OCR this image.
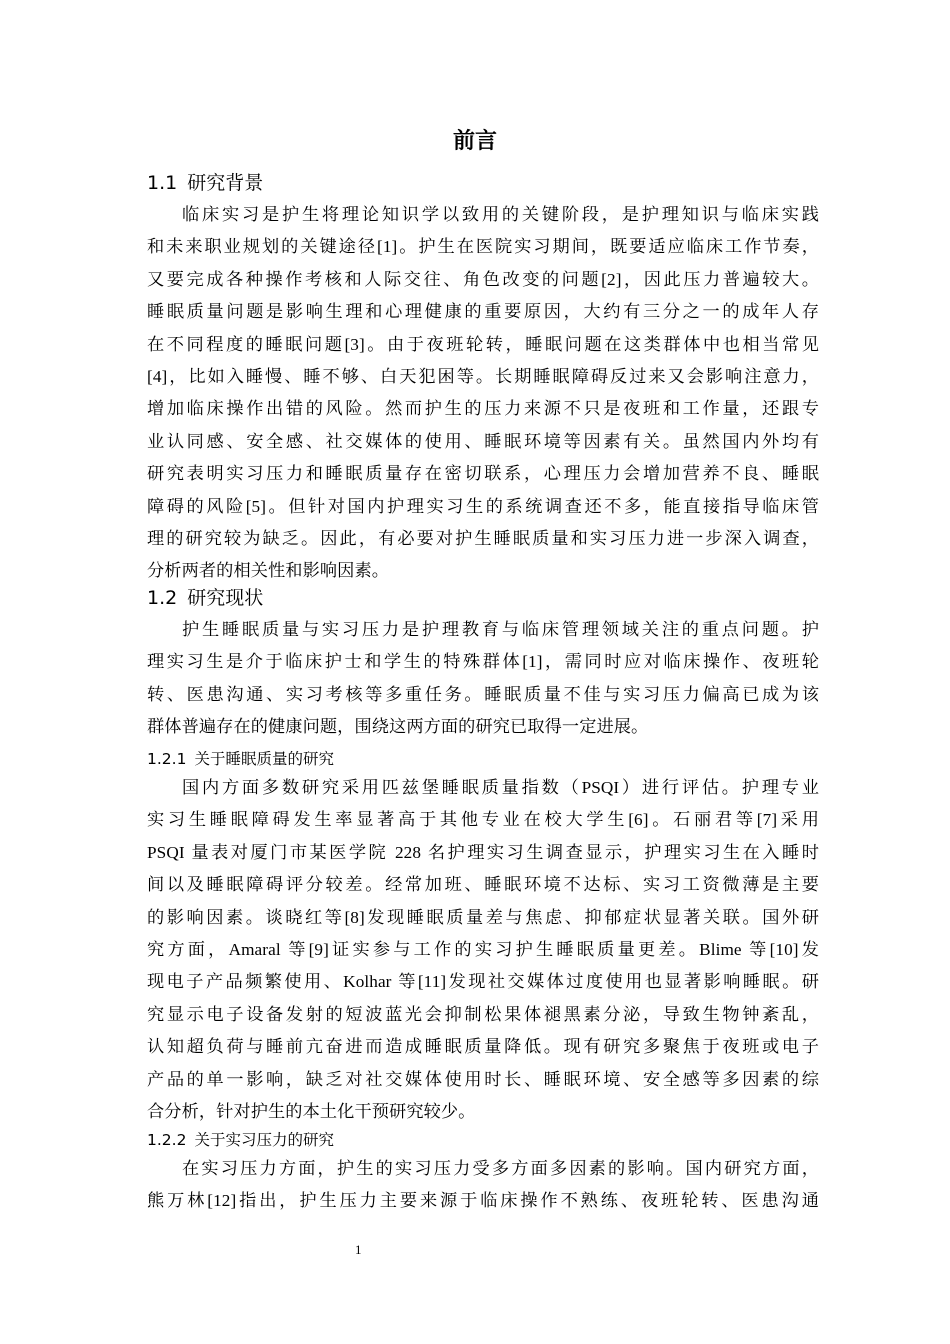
前言
1.1 研究背景
临床实习是护生将理论知识学以致用的关键阶段，是护理知识与临床实践
和未来职业规划的关键途径[1]。护生在医院实习期间，既要适应临床工作节奏，
又要完成各种操作考核和人际交往、角色改变的问题[2]，因此压力普遍较大。
睡眠质量问题是影响生理和心理健康的重要原因，大约有三分之一的成年人存
在不同程度的睡眠问题[3]。由于夜班轮转，睡眠问题在这类群体中也相当常见
[4]，比如入睡慢、睡不够、白天犯困等。长期睡眠障碍反过来又会影响注意力，
增加临床操作出错的风险。然而护生的压力来源不只是夜班和工作量，还跟专
业认同感、安全感、社交媒体的使用、睡眠环境等因素有关。虽然国内外均有
研究表明实习压力和睡眠质量存在密切联系，心理压力会增加营养不良、睡眠
障碍的风险[5]。但针对国内护理实习生的系统调查还不多，能直接指导临床管
理的研究较为缺乏。因此，有必要对护生睡眠质量和实习压力进一步深入调查，
分析两者的相关性和影响因素。
1.2 研究现状
护生睡眠质量与实习压力是护理教育与临床管理领域关注的重点问题。护
理实习生是介于临床护士和学生的特殊群体[1]，需同时应对临床操作、夜班轮
转、医患沟通、实习考核等多重任务。睡眠质量不佳与实习压力偏高已成为该
群体普遍存在的健康问题，围绕这两方面的研究已取得一定进展。
1.2.1 关于睡眠质量的研究
国内方面多数研究采用匹兹堡睡眠质量指数（PSQI）进行评估。护理专业
实习生睡眠障碍发生率显著高于其他专业在校大学生[6]。石丽君等[7]采用
PSQI 量表对厦门市某医学院 228 名护理实习生调查显示，护理实习生在入睡时
间以及睡眠障碍评分较差。经常加班、睡眠环境不达标、实习工资微薄是主要
的影响因素。谈晓红等[8]发现睡眠质量差与焦虑、抑郁症状显著关联。国外研
究方面，Amaral 等[9]证实参与工作的实习护生睡眠质量更差。Blime 等[10]发
现电子产品频繁使用、Kolhar 等[11]发现社交媒体过度使用也显著影响睡眠。研
究显示电子设备发射的短波蓝光会抑制松果体褪黑素分泌，导致生物钟紊乱，
认知超负荷与睡前亢奋进而造成睡眠质量降低。现有研究多聚焦于夜班或电子
产品的单一影响，缺乏对社交媒体使用时长、睡眠环境、安全感等多因素的综
合分析，针对护生的本土化干预研究较少。
1.2.2 关于实习压力的研究
在实习压力方面，护生的实习压力受多方面多因素的影响。国内研究方面，
熊万林[12]指出，护生压力主要来源于临床操作不熟练、夜班轮转、医患沟通
1
